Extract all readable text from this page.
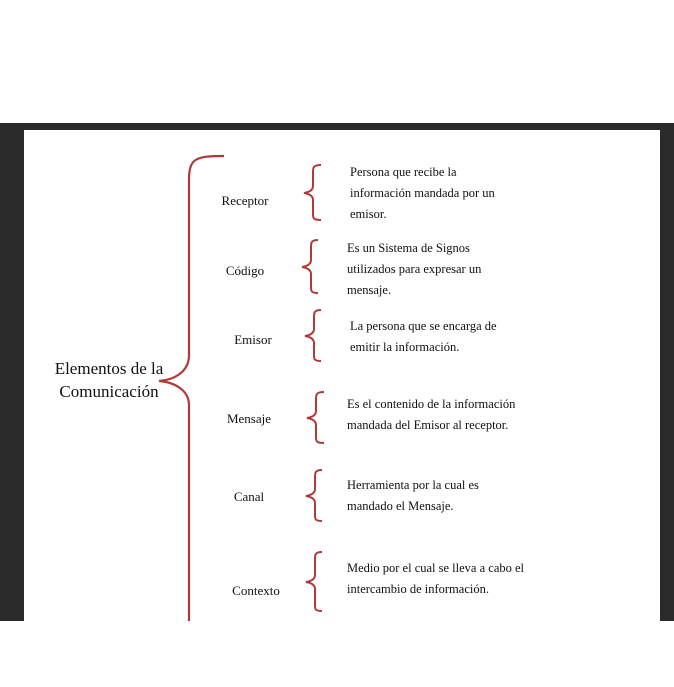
Elementos de la Comunicación
Receptor
Persona que recibe la información mandada por un emisor.
Código
Es un Sistema de Signos utilizados para expresar un mensaje.
Emisor
La persona que se encarga de emitir la información.
Mensaje
Es el contenido de la información mandada del Emisor al receptor.
Canal
Herramienta por la cual es mandado el Mensaje.
Contexto
Medio por el cual se lleva a cabo el intercambio de información.
